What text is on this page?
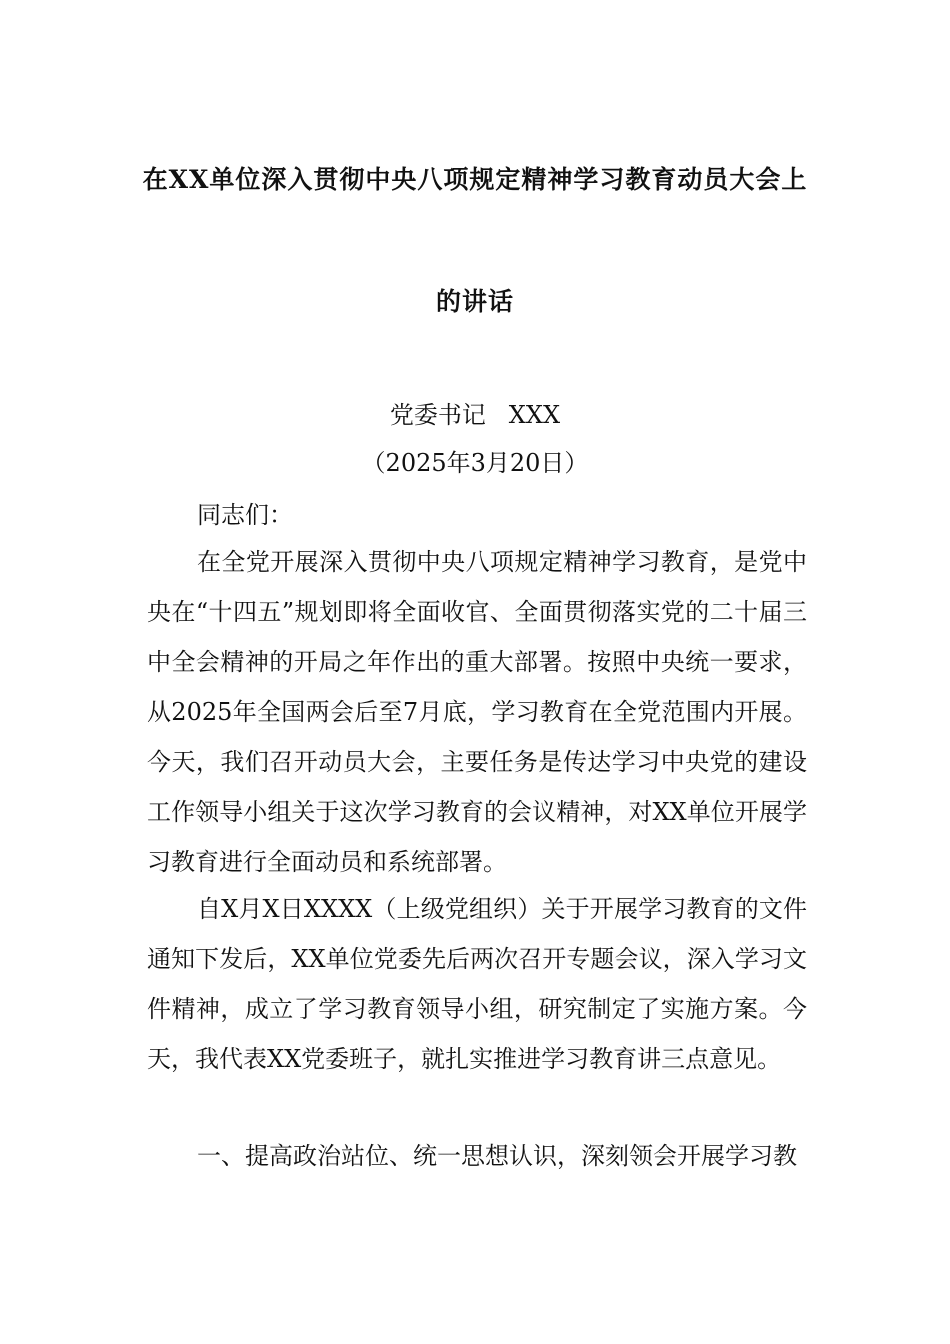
在XX单位深入贯彻中央八项规定精神学习教育动员大会上
的讲话
党委书记   XXX
（2025年3月20日）
同志们：
在全党开展深入贯彻中央八项规定精神学习教育，是党中央在“十四五”规划即将全面收官、全面贯彻落实党的二十届三中全会精神的开局之年作出的重大部署。按照中央统一要求，从2025年全国两会后至7月底，学习教育在全党范围内开展。今天，我们召开动员大会，主要任务是传达学习中央党的建设工作领导小组关于这次学习教育的会议精神，对XX单位开展学习教育进行全面动员和系统部署。
自X月X日XXXX（上级党组织）关于开展学习教育的文件通知下发后，XX单位党委先后两次召开专题会议，深入学习文件精神，成立了学习教育领导小组，研究制定了实施方案。今天，我代表XX党委班子，就扎实推进学习教育讲三点意见。
一、提高政治站位、统一思想认识，深刻领会开展学习教
